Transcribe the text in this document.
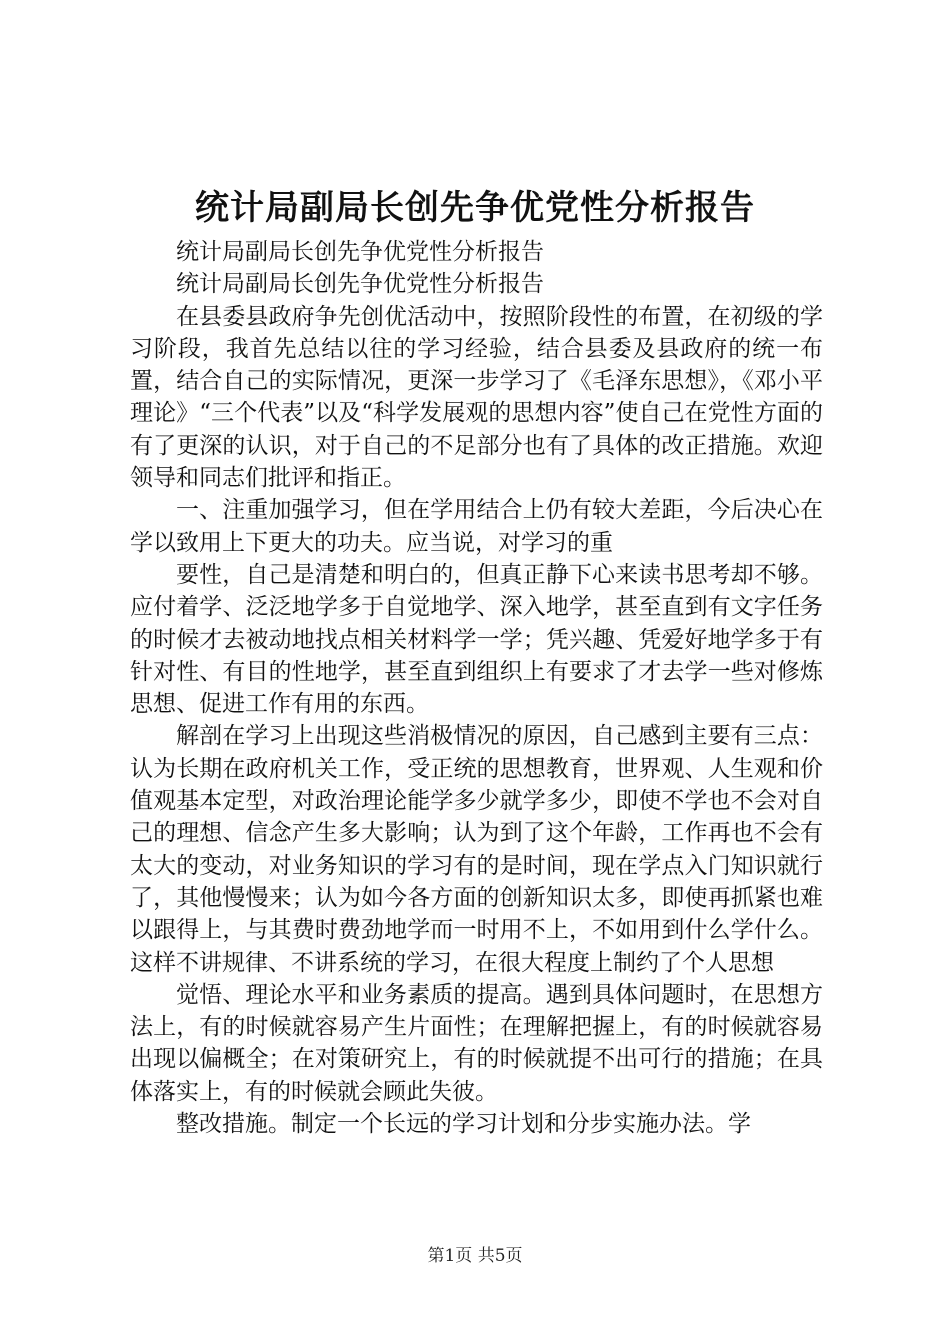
统计局副局长创先争优党性分析报告

统计局副局长创先争优党性分析报告

统计局副局长创先争优党性分析报告

在县委县政府争先创优活动中，按照阶段性的布置，在初级的学习阶段，我首先总结以往的学习经验，结合县委及县政府的统一布置，结合自己的实际情况，更深一步学习了《毛泽东思想》，《邓小平理论》“三个代表”以及“科学发展观的思想内容”使自己在党性方面的有了更深的认识，对于自己的不足部分也有了具体的改正措施。欢迎领导和同志们批评和指正。

一、注重加强学习，但在学用结合上仍有较大差距，今后决心在学以致用上下更大的功夫。应当说，对学习的重

要性，自己是清楚和明白的，但真正静下心来读书思考却不够。应付着学、泛泛地学多于自觉地学、深入地学，甚至直到有文字任务的时候才去被动地找点相关材料学一学；凭兴趣、凭爱好地学多于有针对性、有目的性地学，甚至直到组织上有要求了才去学一些对修炼思想、促进工作有用的东西。

解剖在学习上出现这些消极情况的原因，自己感到主要有三点：认为长期在政府机关工作，受正统的思想教育，世界观、人生观和价值观基本定型，对政治理论能学多少就学多少，即使不学也不会对自己的理想、信念产生多大影响；认为到了这个年龄，工作再也不会有太大的变动，对业务知识的学习有的是时间，现在学点入门知识就行了，其他慢慢来；认为如今各方面的创新知识太多，即使再抓紧也难以跟得上，与其费时费劲地学而一时用不上，不如用到什么学什么。这样不讲规律、不讲系统的学习，在很大程度上制约了个人思想

觉悟、理论水平和业务素质的提高。遇到具体问题时，在思想方法上，有的时候就容易产生片面性；在理解把握上，有的时候就容易出现以偏概全；在对策研究上，有的时候就提不出可行的措施；在具体落实上，有的时候就会顾此失彼。

整改措施。制定一个长远的学习计划和分步实施办法。学

第1页 共5页
